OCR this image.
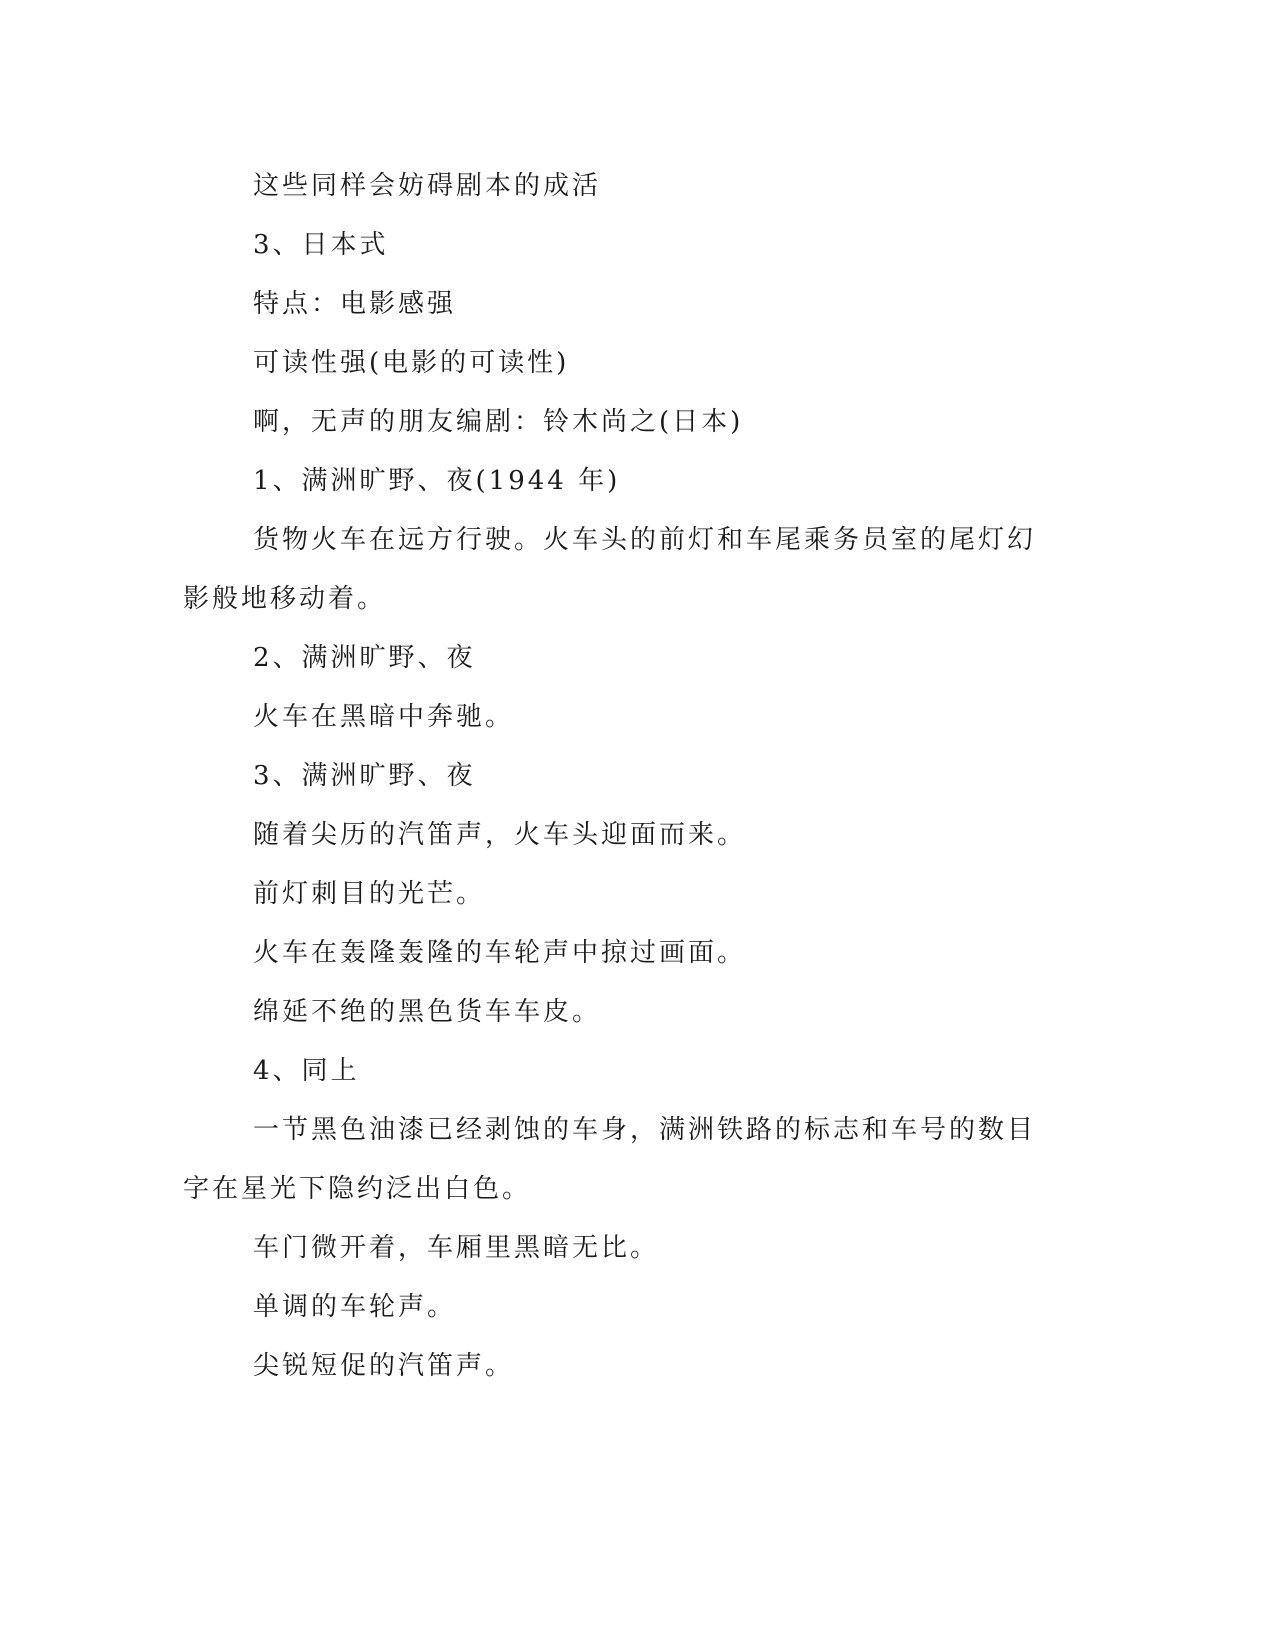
这些同样会妨碍剧本的成活

3、日本式

特点：电影感强

可读性强(电影的可读性)

啊，无声的朋友编剧：铃木尚之(日本)

1、满洲旷野、夜(1944 年)

货物火车在远方行驶。火车头的前灯和车尾乘务员室的尾灯幻影般地移动着。

2、满洲旷野、夜

火车在黑暗中奔驰。

3、满洲旷野、夜

随着尖历的汽笛声，火车头迎面而来。

前灯刺目的光芒。

火车在轰隆轰隆的车轮声中掠过画面。

绵延不绝的黑色货车车皮。

4、同上

一节黑色油漆已经剥蚀的车身，满洲铁路的标志和车号的数目字在星光下隐约泛出白色。

车门微开着，车厢里黑暗无比。

单调的车轮声。

尖锐短促的汽笛声。
